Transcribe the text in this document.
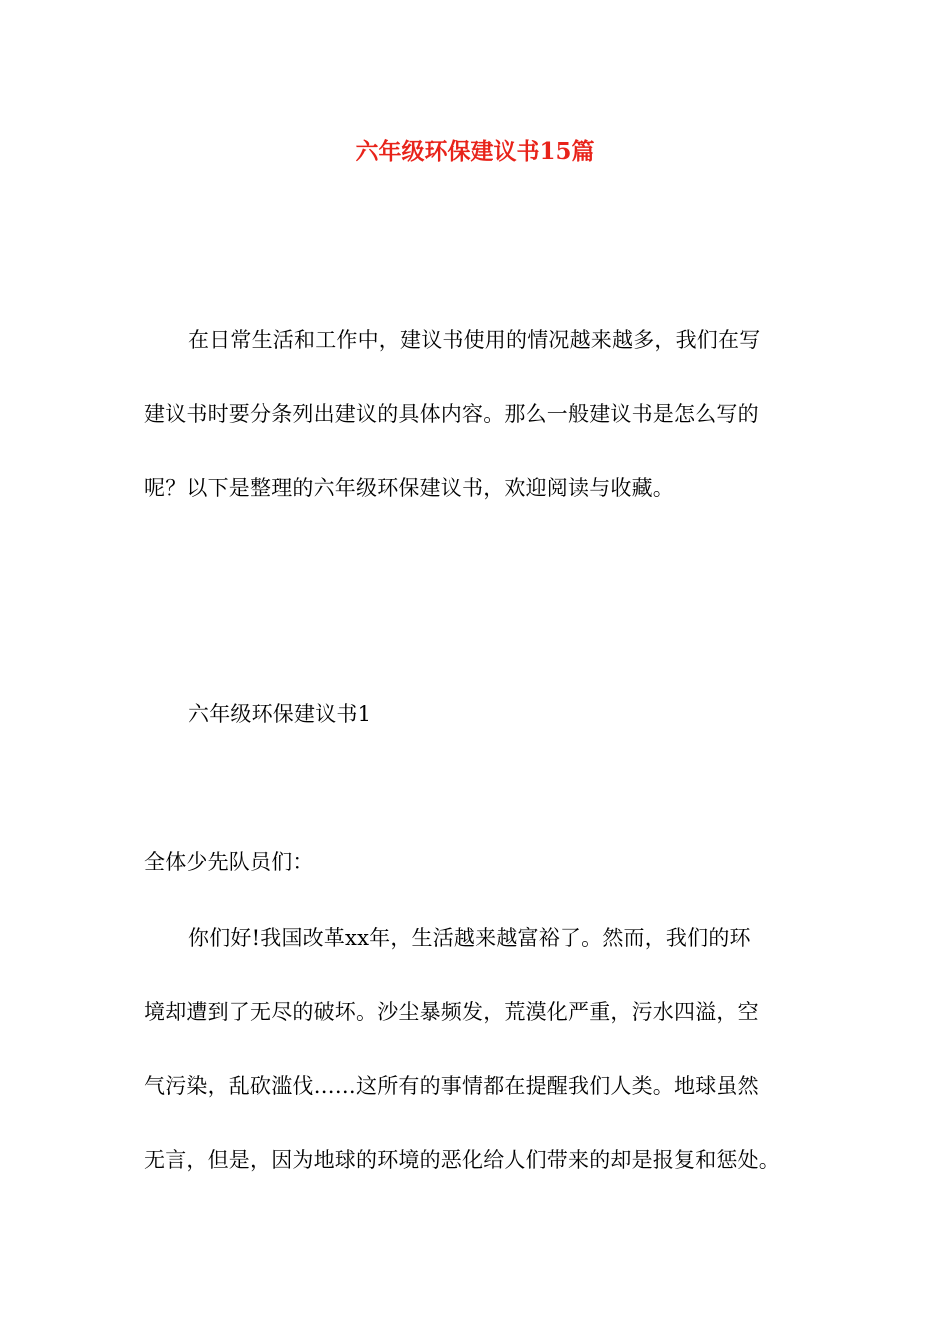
六年级环保建议书15篇
在日常生活和工作中，建议书使用的情况越来越多，我们在写
建议书时要分条列出建议的具体内容。那么一般建议书是怎么写的
呢？以下是整理的六年级环保建议书，欢迎阅读与收藏。
六年级环保建议书1
全体少先队员们：
你们好!我国改革xx年，生活越来越富裕了。然而，我们的环
境却遭到了无尽的破坏。沙尘暴频发，荒漠化严重，污水四溢，空
气污染，乱砍滥伐……这所有的事情都在提醒我们人类。地球虽然
无言，但是，因为地球的环境的恶化给人们带来的却是报复和惩处。
